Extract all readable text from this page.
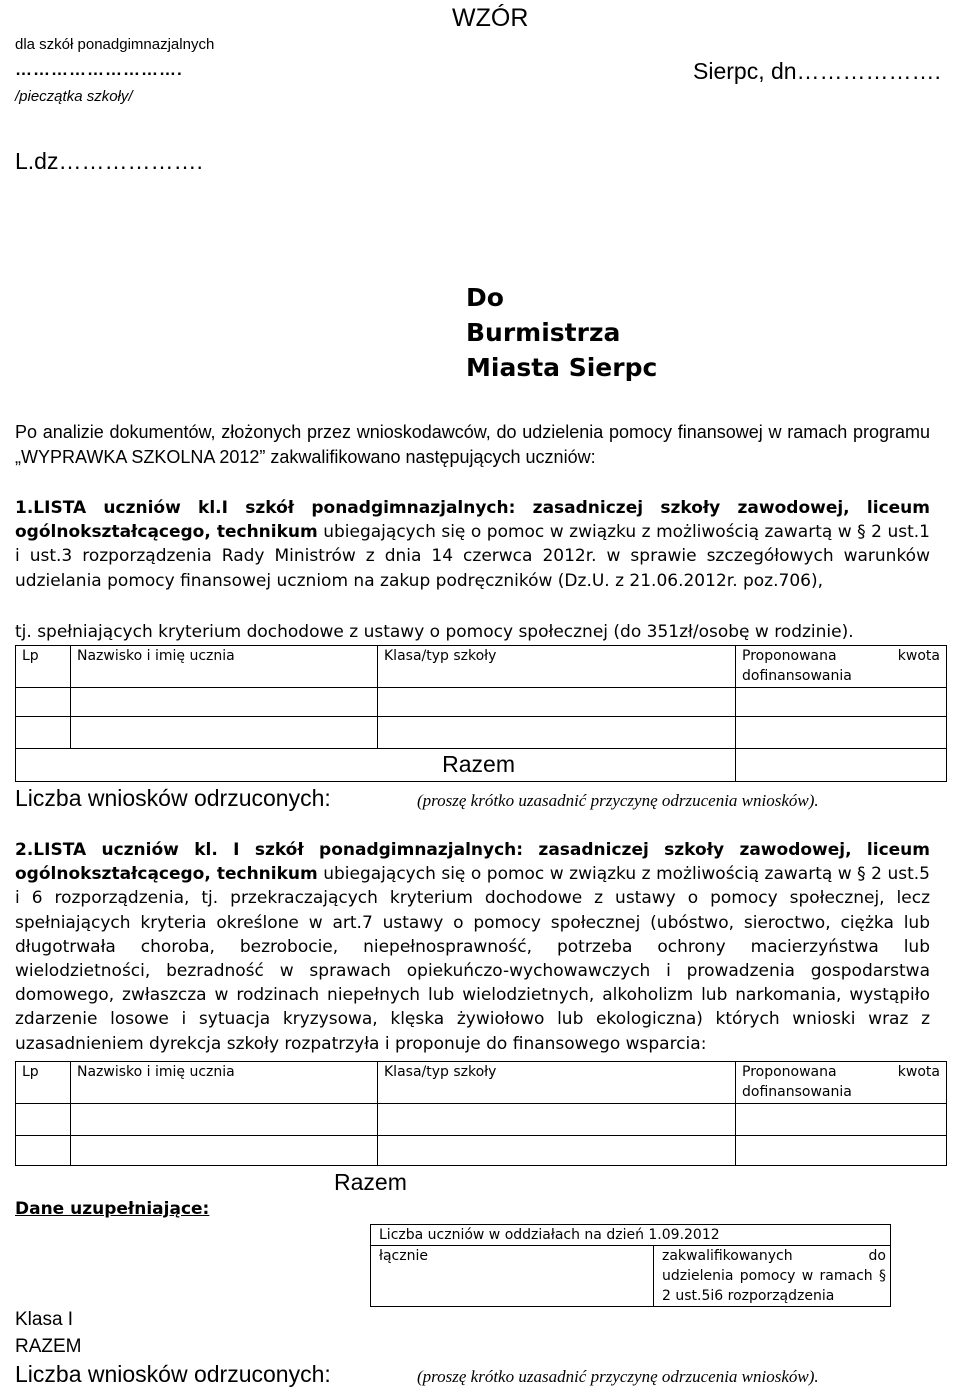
dla szkół ponadgimnazjalnych
……………………….
/pieczątka szkoły/
WZÓR
Sierpc, dn……………….
L.dz……………….
Do
Burmistrza
Miasta Sierpc
Po analizie dokumentów, złożonych przez wnioskodawców, do udzielenia pomocy finansowej w ramach programu „WYPRAWKA SZKOLNA 2012” zakwalifikowano następujących uczniów:
1.LISTA uczniów kl.I szkół ponadgimnazjalnych: zasadniczej szkoły zawodowej, liceum ogólnokształcącego, technikum ubiegających się o pomoc w związku z możliwością zawartą w § 2 ust.1 i ust.3 rozporządzenia Rady Ministrów z dnia 14 czerwca 2012r. w sprawie szczegółowych warunków udzielania pomocy finansowej uczniom na zakup podręczników (Dz.U. z 21.06.2012r. poz.706),
tj. spełniających kryterium dochodowe z ustawy o pomocy społecznej (do 351zł/osobę w rodzinie).
Lp	Nazwisko i imię ucznia	Klasa/typ szkoły	Proponowana kwota
dofinansowania

Razem			
Liczba wniosków odrzuconych:	(proszę krótko uzasadnić przyczynę odrzucenia wniosków).
2.LISTA uczniów kl. I szkół ponadgimnazjalnych: zasadniczej szkoły zawodowej, liceum ogólnokształcącego, technikum ubiegających się o pomoc w związku z możliwością zawartą w § 2 ust.5 i 6 rozporządzenia, tj. przekraczających kryterium dochodowe z ustawy o pomocy społecznej, lecz spełniających kryteria określone w art.7 ustawy o pomocy społecznej (ubóstwo, sieroctwo, ciężka lub długotrwała choroba, bezrobocie, niepełnosprawność, potrzeba ochrony macierzyństwa lub wielodzietności, bezradność w sprawach opiekuńczo-wychowawczych i prowadzenia gospodarstwa domowego, zwłaszcza w rodzinach niepełnych lub wielodzietnych, alkoholizm lub narkomania, wystąpiło zdarzenie losowe i sytuacja kryzysowa, klęska żywiołowo lub ekologiczna) których wnioski wraz z uzasadnieniem dyrekcja szkoły rozpatrzyła i proponuje do finansowego wsparcia:
Lp	Nazwisko i imię ucznia	Klasa/typ szkoły	Proponowana kwota
dofinansowania

Razem
Dane uzupełniające:
Liczba uczniów w oddziałach na dzień 1.09.2012
łącznie	zakwalifikowanych do udzielenia pomocy w ramach § 2 ust.5i6 rozporządzenia
Klasa I
RAZEM
Liczba wniosków odrzuconych:	(proszę krótko uzasadnić przyczynę odrzucenia wniosków).
